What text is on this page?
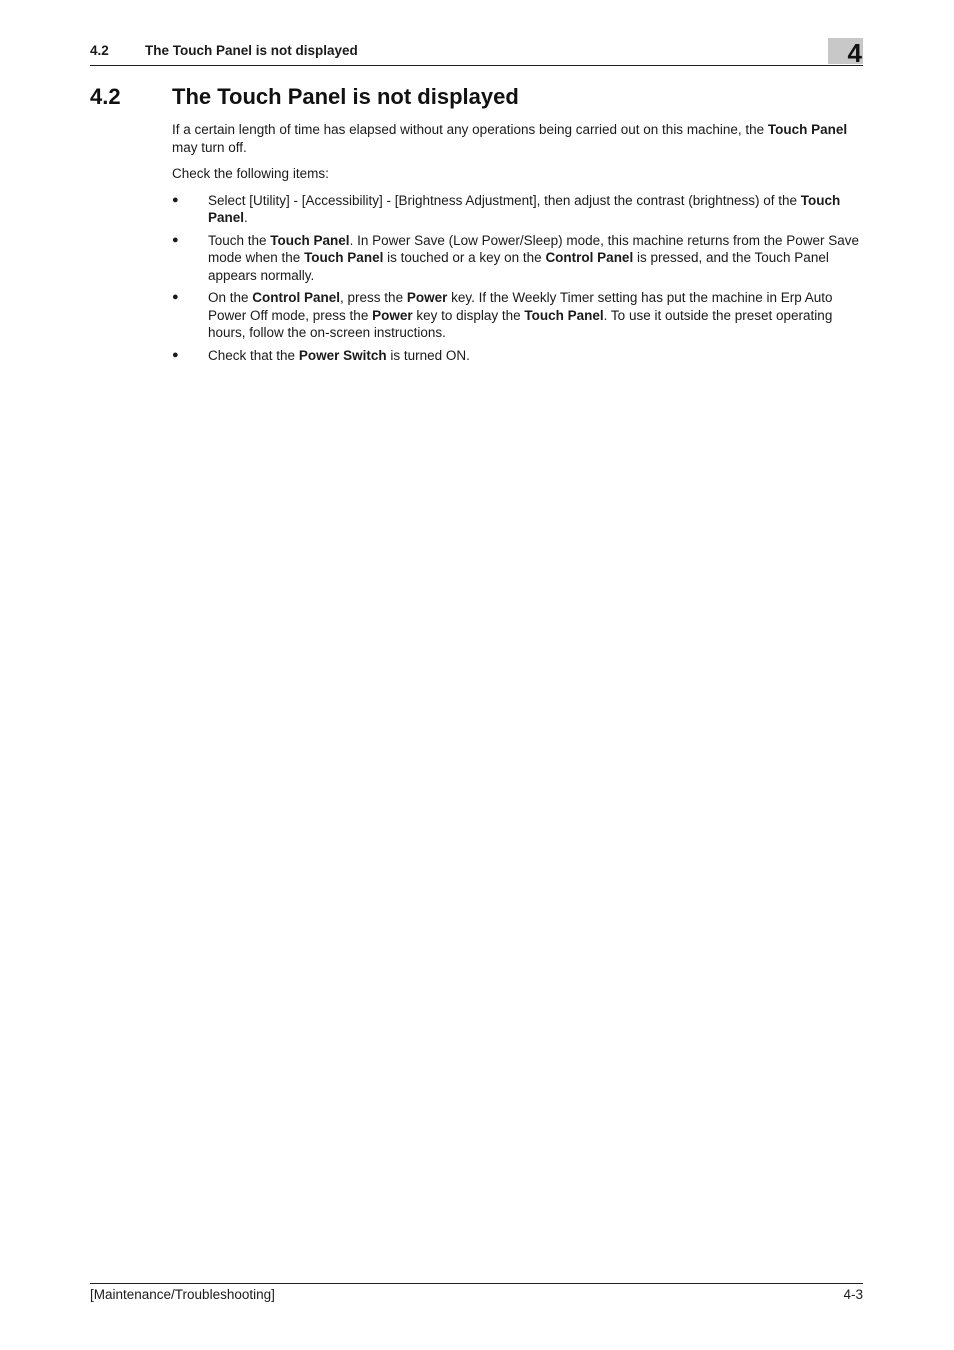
4.2	The Touch Panel is not displayed	4
4.2 The Touch Panel is not displayed

If a certain length of time has elapsed without any operations being carried out on this machine, the Touch Panel may turn off.

Check the following items:

● Select [Utility] - [Accessibility] - [Brightness Adjustment], then adjust the contrast (brightness) of the Touch Panel.
● Touch the Touch Panel. In Power Save (Low Power/Sleep) mode, this machine returns from the Power Save mode when the Touch Panel is touched or a key on the Control Panel is pressed, and the Touch Panel appears normally.
● On the Control Panel, press the Power key. If the Weekly Timer setting has put the machine in Erp Auto Power Off mode, press the Power key to display the Touch Panel. To use it outside the preset operating hours, follow the on-screen instructions.
● Check that the Power Switch is turned ON.
[Maintenance/Troubleshooting]	4-3
